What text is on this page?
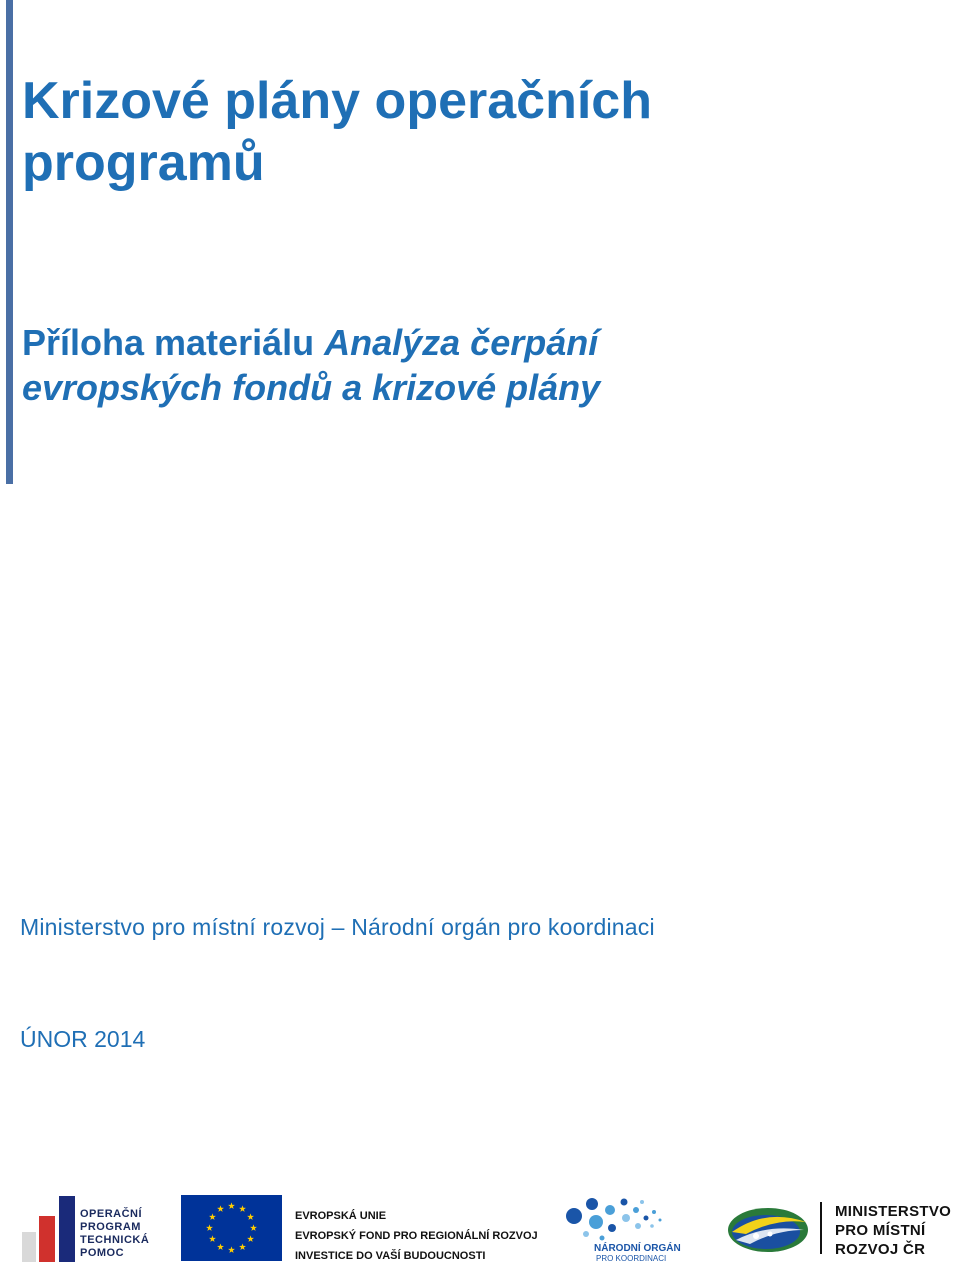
Krizové plány operačních
programů
Příloha materiálu Analýza čerpání
evropských fondů a krizové plány
Ministerstvo pro místní rozvoj – Národní orgán pro koordinaci
ÚNOR 2014
OPERAČNÍ
PROGRAM
TECHNICKÁ
POMOC
EVROPSKÁ UNIE
EVROPSKÝ FOND PRO REGIONÁLNÍ ROZVOJ
INVESTICE DO VAŠÍ BUDOUCNOSTI
NÁRODNÍ ORGÁN
PRO KOORDINACI
MINISTERSTVO
PRO MÍSTNÍ
ROZVOJ ČR
